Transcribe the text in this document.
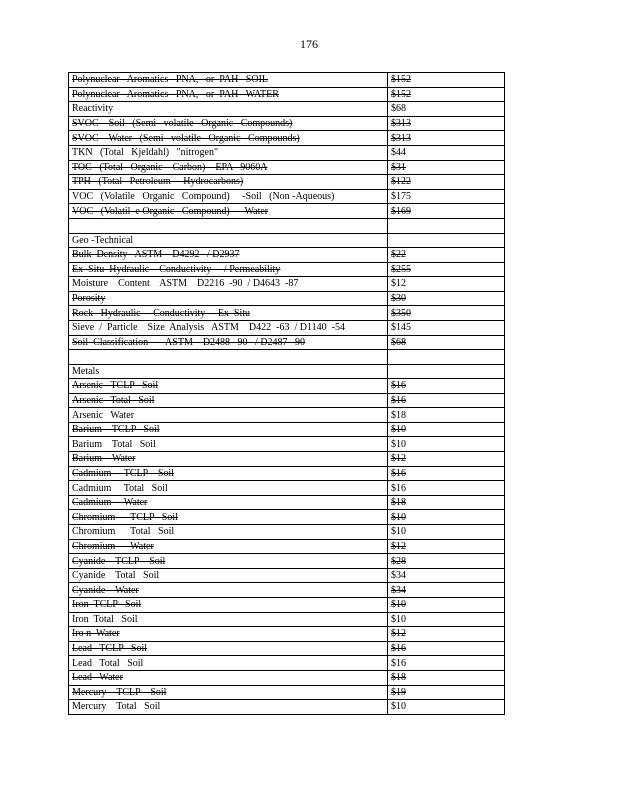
176
Polynuclear   Aromatics   PNA,   or  PAH   SOIL	$152
Polynuclear   Aromatics   PNA,   or  PAH   WATER	$152
Reactivity	$68
SVOC    Soil   (Semi   volatile   Organic   Compounds)	$313
SVOC    Water   (Semi   volatile   Organic   Compounds)	$313
TKN   (Total   Kjeldahl)   "nitrogen"	$44
TOC   (Total   Organic    Carbon)    EPA   9060A	$31
TPH   (Total   Petroleum     Hydrocarbons)	$122
VOC   (Volatile   Organic   Compound)     -Soil   (Non -Aqueous)	$175
VOC   (Volatil  e Organic   Compound)      Water	$169

Geo -Technical	
Bulk  Density   ASTM    D4292   / D2937	$22
Ex  Situ  Hydraulic    Conductivity     / Permeability	$255
Moisture    Content    ASTM    D2216  -90  / D4643  -87	$12
Porosity	$30
Rock   Hydraulic     Conductivity     Ex  Situ	$350
Sieve  /  Particle    Size  Analysis   ASTM    D422  -63  / D1140  -54	$145
Soil  Classification       ASTM    D2488   90   / D2487   90	$68

Metals	
Arsenic   TCLP   Soil	$16
Arsenic   Total   Soil	$16
Arsenic   Water	$18
Barium    TCLP   Soil	$10
Barium    Total   Soil	$10
Barium    Water	$12
Cadmium     TCLP    Soil	$16
Cadmium     Total   Soil	$16
Cadmium     Water	$18
Chromium      TCLP   Soil	$10
Chromium      Total   Soil	$10
Chromium      Water	$12
Cyanide    TCLP    Soil	$28
Cyanide    Total   Soil	$34
Cyanide    Water	$34
Iron  TCLP   Soil	$10
Iron  Total   Soil	$10
Iro n  Water	$12
Lead   TCLP   Soil	$16
Lead   Total   Soil	$16
Lead   Water	$18
Mercury    TCLP    Soil	$19
Mercury    Total   Soil	$10
